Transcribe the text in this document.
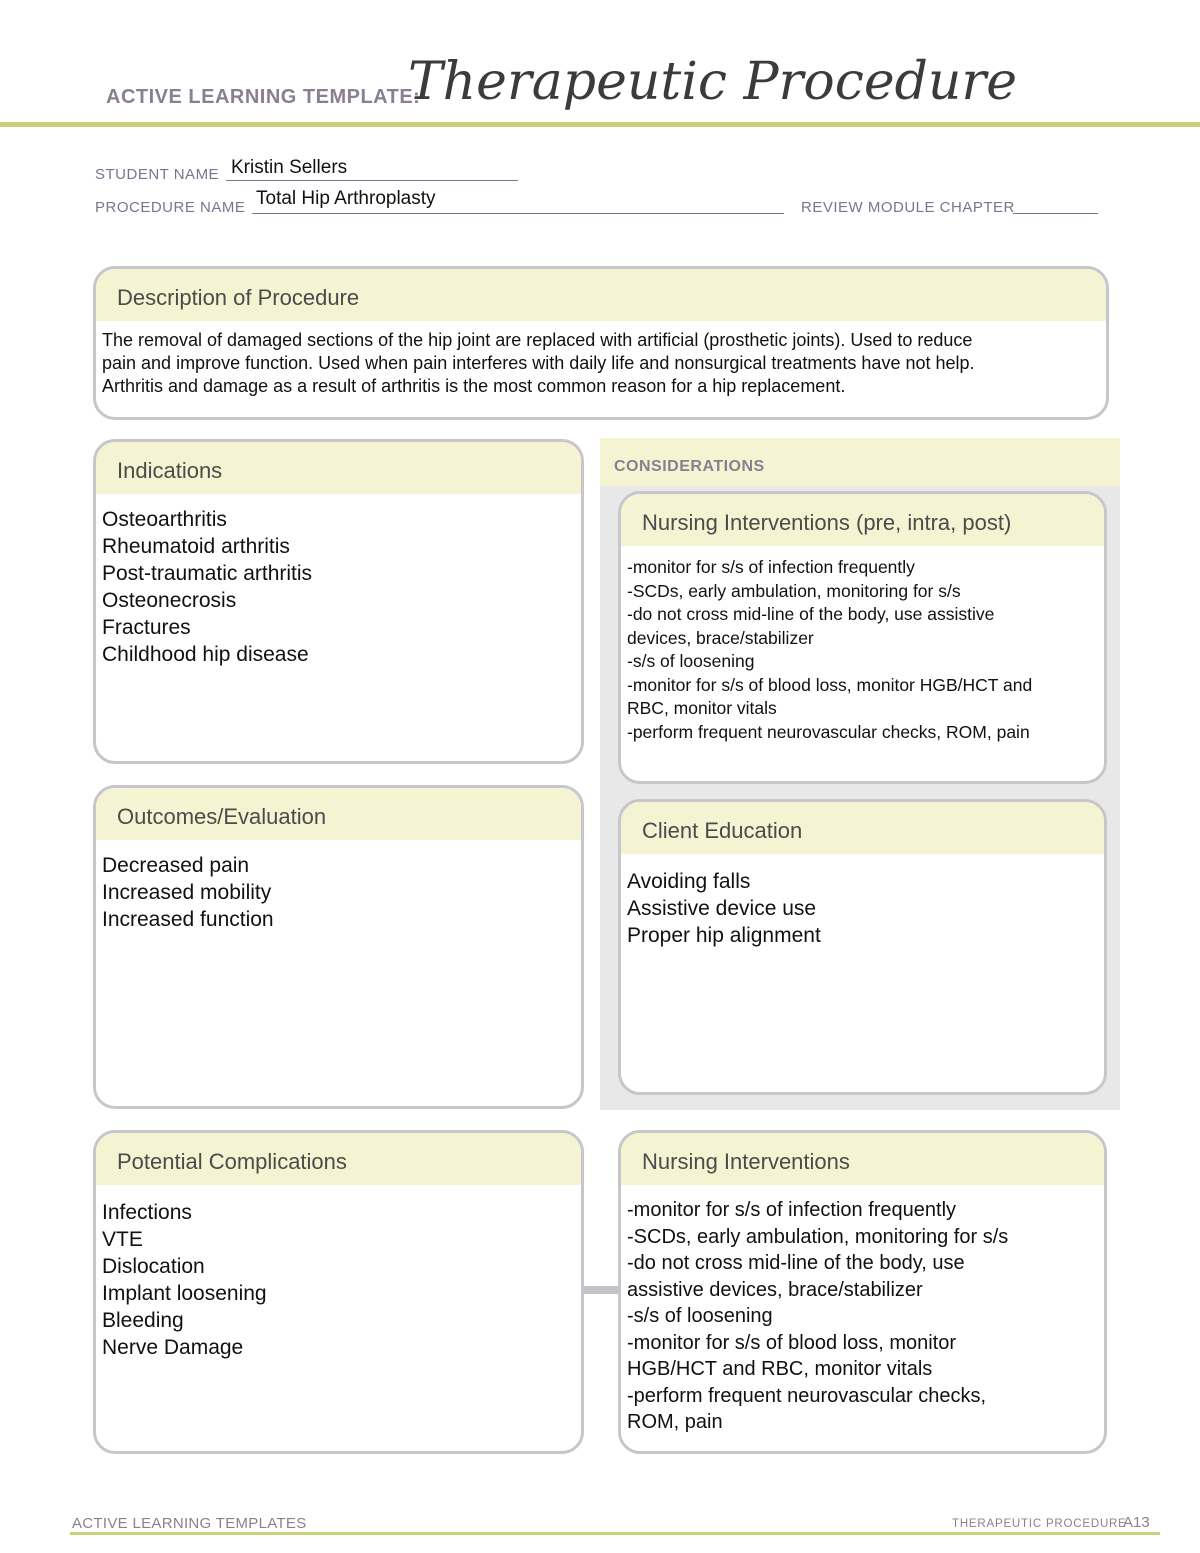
ACTIVE LEARNING TEMPLATE:
Therapeutic Procedure
STUDENT NAME Kristin Sellers
PROCEDURE NAME Total Hip Arthroplasty	REVIEW MODULE CHAPTER
Description of Procedure
The removal of damaged sections of the hip joint are replaced with artificial (prosthetic joints). Used to reduce
pain and improve function. Used when pain interferes with daily life and nonsurgical treatments have not help.
Arthritis and damage as a result of arthritis is the most common reason for a hip replacement.
CONSIDERATIONS
Indications
Osteoarthritis
Rheumatoid arthritis
Post-traumatic arthritis
Osteonecrosis
Fractures
Childhood hip disease
Nursing Interventions (pre, intra, post)
-monitor for s/s of infection frequently
-SCDs, early ambulation, monitoring for s/s
-do not cross mid-line of the body, use assistive
devices, brace/stabilizer
-s/s of loosening
-monitor for s/s of blood loss, monitor HGB/HCT and
RBC, monitor vitals
-perform frequent neurovascular checks, ROM, pain
Outcomes/Evaluation
Decreased pain
Increased mobility
Increased function
Client Education
Avoiding falls
Assistive device use
Proper hip alignment
Potential Complications
Infections
VTE
Dislocation
Implant loosening
Bleeding
Nerve Damage
Nursing Interventions
-monitor for s/s of infection frequently
-SCDs, early ambulation, monitoring for s/s
-do not cross mid-line of the body, use
assistive devices, brace/stabilizer
-s/s of loosening
-monitor for s/s of blood loss, monitor
HGB/HCT and RBC, monitor vitals
-perform frequent neurovascular checks,
ROM, pain
ACTIVE LEARNING TEMPLATES	THERAPEUTIC PROCEDURE
A13
